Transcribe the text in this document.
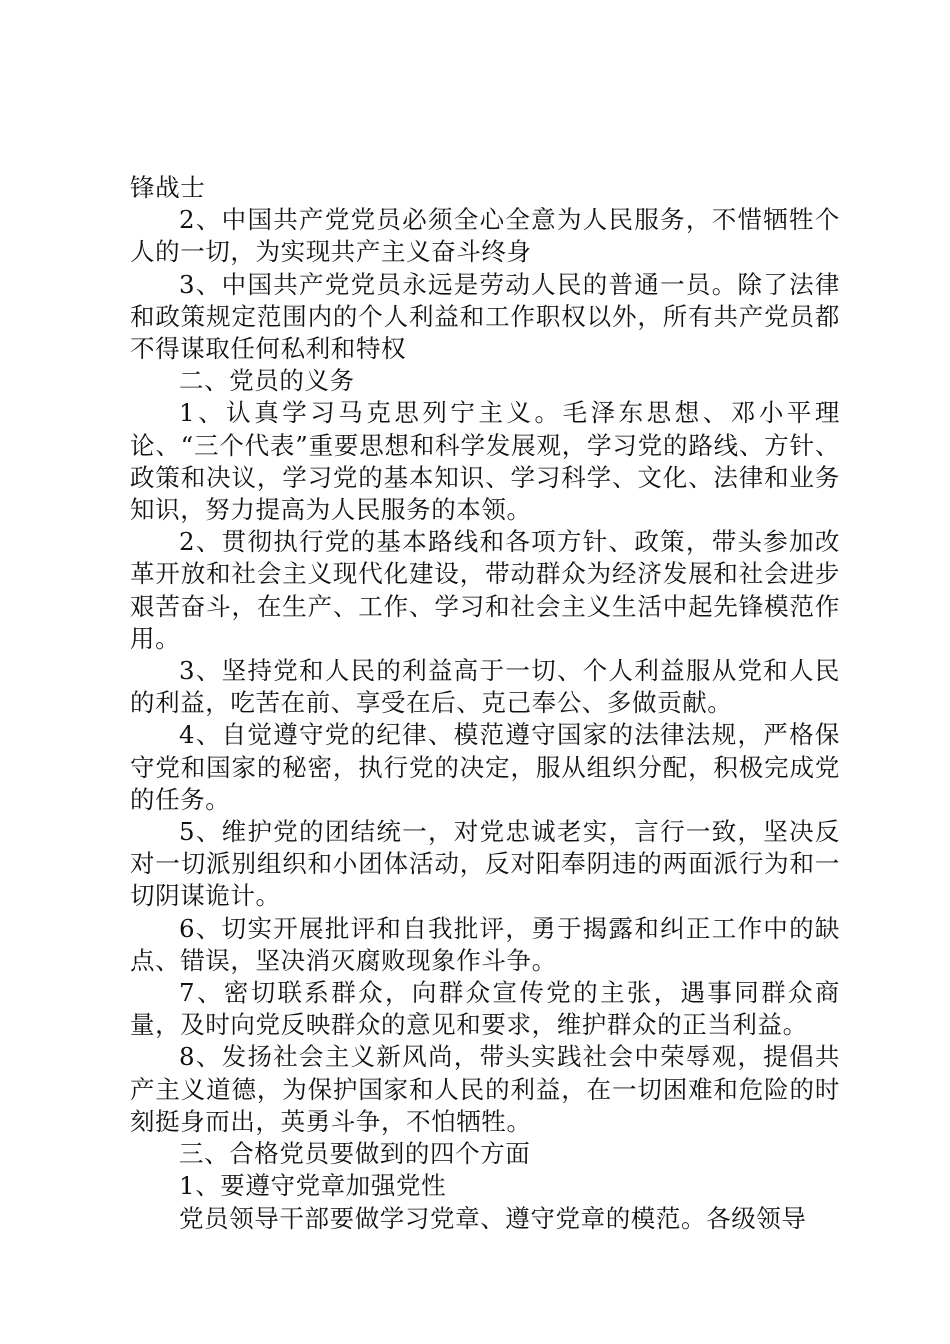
锋战士

2、中国共产党党员必须全心全意为人民服务，不惜牺牲个人的一切，为实现共产主义奋斗终身

3、中国共产党党员永远是劳动人民的普通一员。除了法律和政策规定范围内的个人利益和工作职权以外，所有共产党员都不得谋取任何私利和特权

二、党员的义务

1、认真学习马克思列宁主义。毛泽东思想、邓小平理论、“三个代表”重要思想和科学发展观，学习党的路线、方针、政策和决议，学习党的基本知识、学习科学、文化、法律和业务知识，努力提高为人民服务的本领。

2、贯彻执行党的基本路线和各项方针、政策，带头参加改革开放和社会主义现代化建设，带动群众为经济发展和社会进步艰苦奋斗，在生产、工作、学习和社会主义生活中起先锋模范作用。

3、坚持党和人民的利益高于一切、个人利益服从党和人民的利益，吃苦在前、享受在后、克己奉公、多做贡献。

4、自觉遵守党的纪律、模范遵守国家的法律法规，严格保守党和国家的秘密，执行党的决定，服从组织分配，积极完成党的任务。

5、维护党的团结统一，对党忠诚老实，言行一致，坚决反对一切派别组织和小团体活动，反对阳奉阴违的两面派行为和一切阴谋诡计。

6、切实开展批评和自我批评，勇于揭露和纠正工作中的缺点、错误，坚决消灭腐败现象作斗争。

7、密切联系群众，向群众宣传党的主张，遇事同群众商量，及时向党反映群众的意见和要求，维护群众的正当利益。

8、发扬社会主义新风尚，带头实践社会中荣辱观，提倡共产主义道德，为保护国家和人民的利益，在一切困难和危险的时刻挺身而出，英勇斗争，不怕牺牲。

三、合格党员要做到的四个方面

1、要遵守党章加强党性

党员领导干部要做学习党章、遵守党章的模范。各级领导
